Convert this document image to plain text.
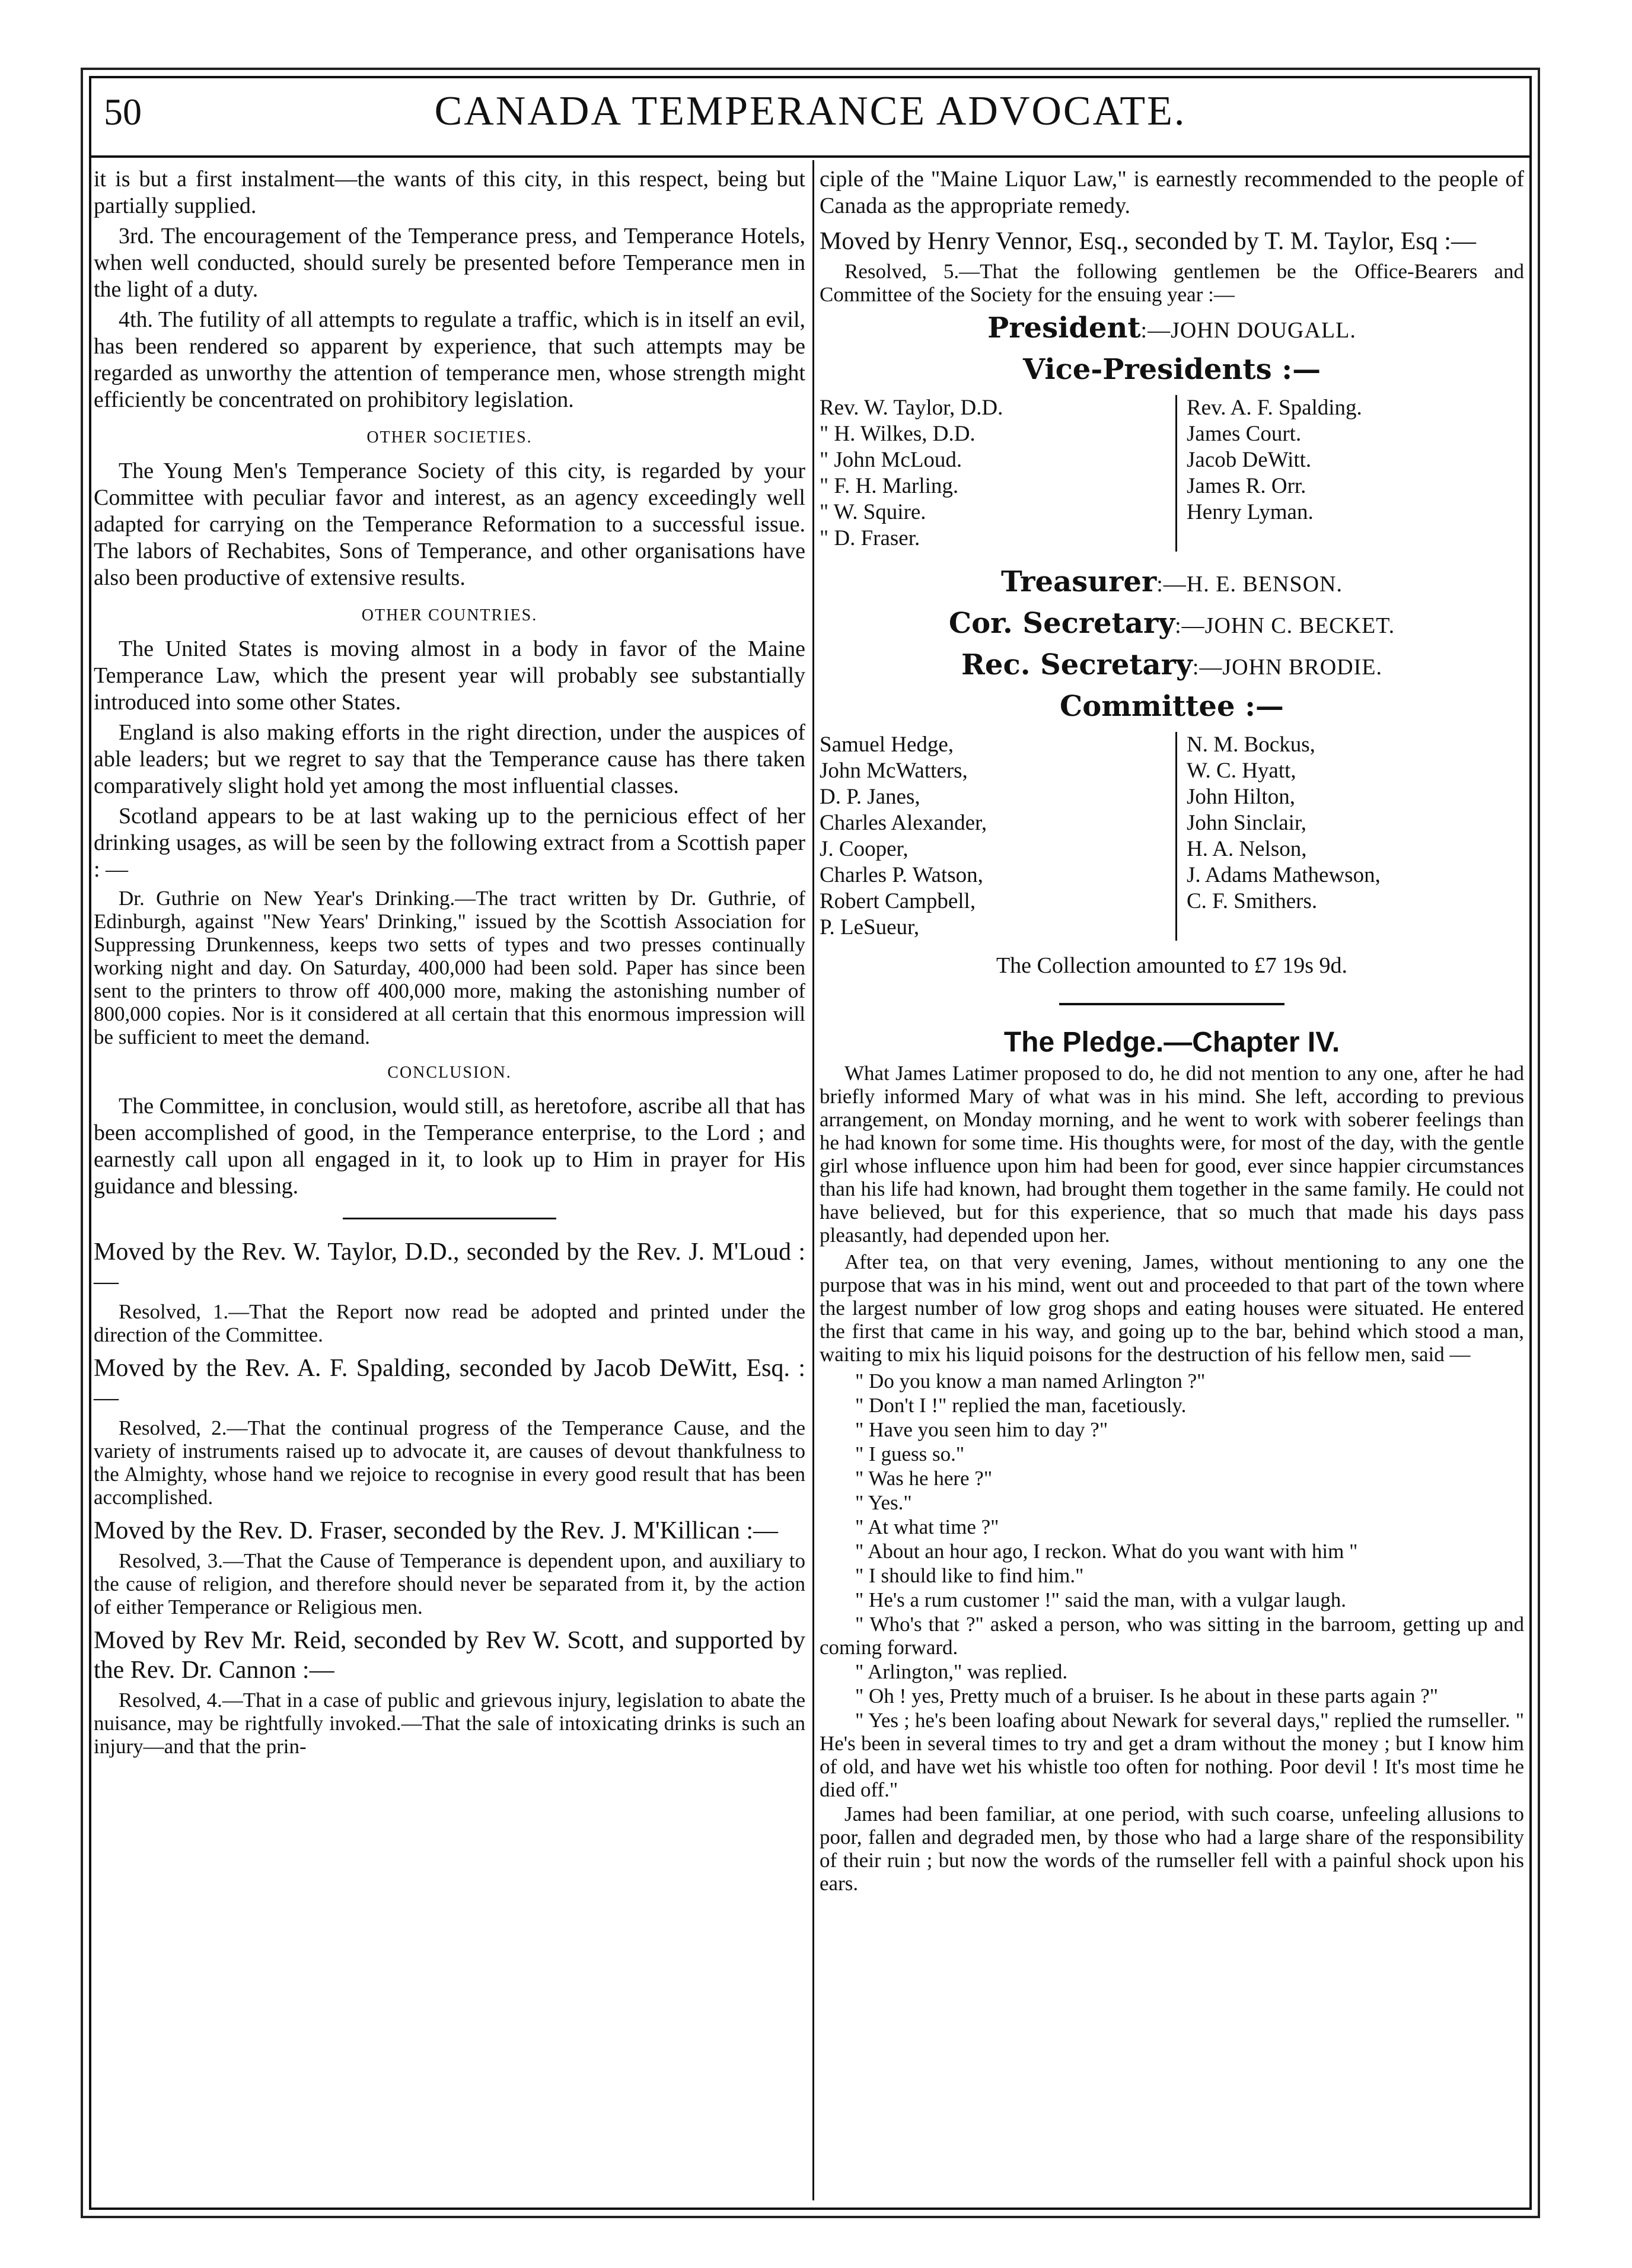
50	CANADA TEMPERANCE ADVOCATE.

it is but a first instalment—the wants of this city, in this respect, being but partially supplied.

3rd. The encouragement of the Temperance press, and Temperance Hotels, when well conducted, should surely be presented before Temperance men in the light of a duty.

4th. The futility of all attempts to regulate a traffic, which is in itself an evil, has been rendered so apparent by experience, that such attempts may be regarded as unworthy the attention of temperance men, whose strength might efficiently be concentrated on prohibitory legislation.

OTHER SOCIETIES.

The Young Men's Temperance Society of this city, is regarded by your Committee with peculiar favor and interest, as an agency exceedingly well adapted for carrying on the Temperance Reformation to a successful issue. The labors of Rechabites, Sons of Temperance, and other organisations have also been productive of extensive results.

OTHER COUNTRIES.

The United States is moving almost in a body in favor of the Maine Temperance Law, which the present year will probably see substantially introduced into some other States.

England is also making efforts in the right direction, under the auspices of able leaders; but we regret to say that the Temperance cause has there taken comparatively slight hold yet among the most influential classes.

Scotland appears to be at last waking up to the pernicious effect of her drinking usages, as will be seen by the following extract from a Scottish paper : —

Dr. Guthrie on New Year's Drinking.—The tract written by Dr. Guthrie, of Edinburgh, against "New Years' Drinking," issued by the Scottish Association for Suppressing Drunkenness, keeps two setts of types and two presses continually working night and day. On Saturday, 400,000 had been sold. Paper has since been sent to the printers to throw off 400,000 more, making the astonishing number of 800,000 copies. Nor is it considered at all certain that this enormous impression will be sufficient to meet the demand.

CONCLUSION.

The Committee, in conclusion, would still, as heretofore, ascribe all that has been accomplished of good, in the Temperance enterprise, to the Lord ; and earnestly call upon all engaged in it, to look up to Him in prayer for His guidance and blessing.

Moved by the Rev. W. Taylor, D.D., seconded by the Rev. J. M'Loud :—

Resolved, 1.—That the Report now read be adopted and printed under the direction of the Committee.

Moved by the Rev. A. F. Spalding, seconded by Jacob DeWitt, Esq. : —

Resolved, 2.—That the continual progress of the Temperance Cause, and the variety of instruments raised up to advocate it, are causes of devout thankfulness to the Almighty, whose hand we rejoice to recognise in every good result that has been accomplished.

Moved by the Rev. D. Fraser, seconded by the Rev. J. M'Killican :—

Resolved, 3.—That the Cause of Temperance is dependent upon, and auxiliary to the cause of religion, and therefore should never be separated from it, by the action of either Temperance or Religious men.

Moved by Rev Mr. Reid, seconded by Rev W. Scott, and supported by the Rev. Dr. Cannon :—

Resolved, 4.—That in a case of public and grievous injury, legislation to abate the nuisance, may be rightfully invoked.—That the sale of intoxicating drinks is such an injury—and that the prin-

ciple of the "Maine Liquor Law," is earnestly recommended to the people of Canada as the appropriate remedy.

Moved by Henry Vennor, Esq., seconded by T. M. Taylor, Esq :—

Resolved, 5.—That the following gentlemen be the Office-Bearers and Committee of the Society for the ensuing year :—

President:—JOHN DOUGALL.
Vice-Presidents :—
Rev. W. Taylor, D.D.
" H. Wilkes, D.D.
" John McLoud.
" F. H. Marling.
" W. Squire.
" D. Fraser.
Rev. A. F. Spalding.
James Court.
Jacob DeWitt.
James R. Orr.
Henry Lyman.
Treasurer:—H. E. BENSON.
Cor. Secretary:—JOHN C. BECKET.
Rec. Secretary:—JOHN BRODIE.
Committee :—
Samuel Hedge,
John McWatters,
D. P. Janes,
Charles Alexander,
J. Cooper,
Charles P. Watson,
Robert Campbell,
P. LeSueur,
N. M. Bockus,
W. C. Hyatt,
John Hilton,
John Sinclair,
H. A. Nelson,
J. Adams Mathewson,
C. F. Smithers.

The Collection amounted to £7 19s 9d.

The Pledge.—Chapter IV.

What James Latimer proposed to do, he did not mention to any one, after he had briefly informed Mary of what was in his mind. She left, according to previous arrangement, on Monday morning, and he went to work with soberer feelings than he had known for some time. His thoughts were, for most of the day, with the gentle girl whose influence upon him had been for good, ever since happier circumstances than his life had known, had brought them together in the same family. He could not have believed, but for this experience, that so much that made his days pass pleasantly, had depended upon her.

After tea, on that very evening, James, without mentioning to any one the purpose that was in his mind, went out and proceeded to that part of the town where the largest number of low grog shops and eating houses were situated. He entered the first that came in his way, and going up to the bar, behind which stood a man, waiting to mix his liquid poisons for the destruction of his fellow men, said —

" Do you know a man named Arlington ?"

" Don't I !" replied the man, facetiously.

" Have you seen him to day ?"

" I guess so."

" Was he here ?"

" Yes."

" At what time ?"

" About an hour ago, I reckon. What do you want with him "

" I should like to find him."

" He's a rum customer !" said the man, with a vulgar laugh.

" Who's that ?" asked a person, who was sitting in the barroom, getting up and coming forward.

" Arlington," was replied.

" Oh ! yes, Pretty much of a bruiser. Is he about in these parts again ?"

" Yes ; he's been loafing about Newark for several days," replied the rumseller. " He's been in several times to try and get a dram without the money ; but I know him of old, and have wet his whistle too often for nothing. Poor devil ! It's most time he died off."

James had been familiar, at one period, with such coarse, unfeeling allusions to poor, fallen and degraded men, by those who had a large share of the responsibility of their ruin ; but now the words of the rumseller fell with a painful shock upon his ears.
